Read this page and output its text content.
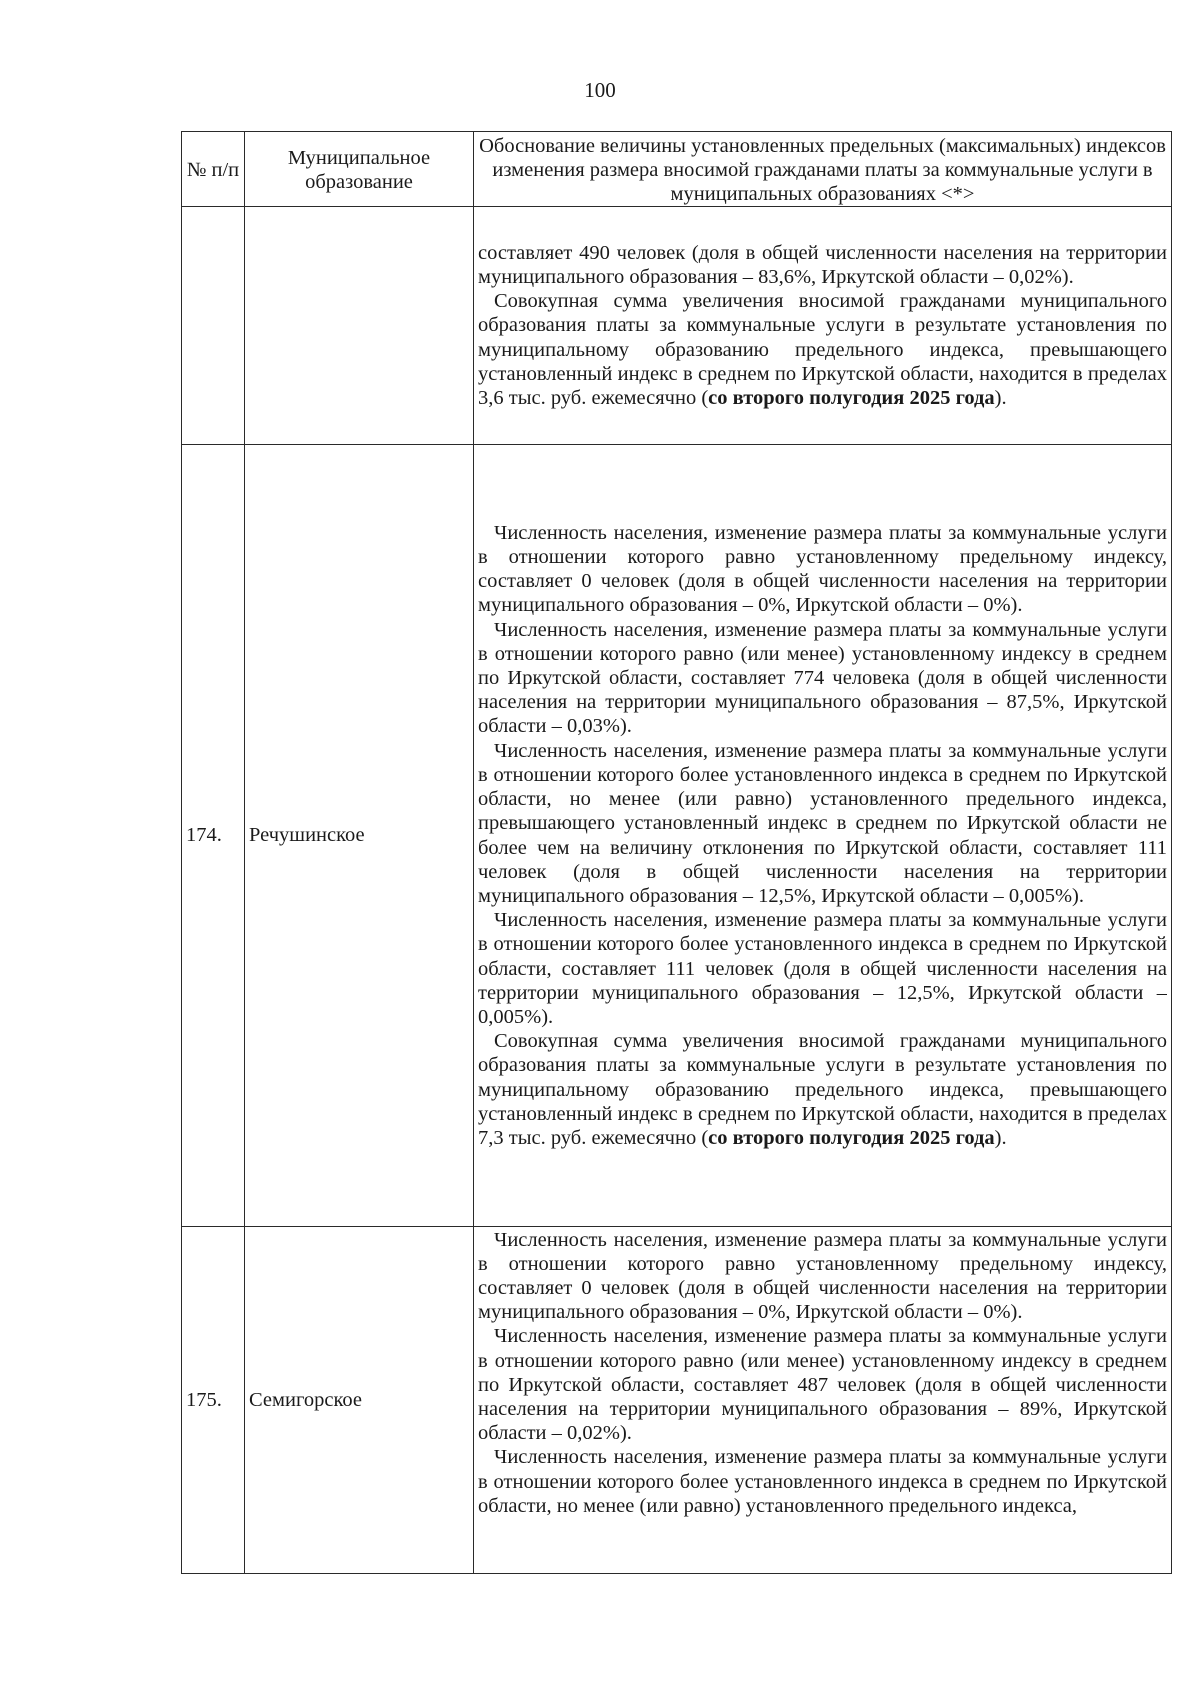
100
№ п/п	Муниципальное образование	Обоснование величины установленных предельных (максимальных) индексов изменения размера вносимой гражданами платы за коммунальные услуги в муниципальных образованиях <*>

		составляет 490 человек (доля в общей численности населения на территории муниципального образования – 83,6%, Иркутской области – 0,02%).

Совокупная сумма увеличения вносимой гражданами муниципального образования платы за коммунальные услуги в результате установления по муниципальному образованию предельного индекса, превышающего установленный индекс в среднем по Иркутской области, находится в пределах 3,6 тыс. руб. ежемесячно (со второго полугодия 2025 года).

174.	Речушинское	Численность населения, изменение размера платы за коммунальные услуги в отношении которого равно установленному предельному индексу, составляет 0 человек (доля в общей численности населения на территории муниципального образования – 0%, Иркутской области – 0%).

Численность населения, изменение размера платы за коммунальные услуги в отношении которого равно (или менее) установленному индексу в среднем по Иркутской области, составляет 774 человека (доля в общей численности населения на территории муниципального образования – 87,5%, Иркутской области – 0,03%).

Численность населения, изменение размера платы за коммунальные услуги в отношении которого более установленного индекса в среднем по Иркутской области, но менее (или равно) установленного предельного индекса, превышающего установленный индекс в среднем по Иркутской области не более чем на величину отклонения по Иркутской области, составляет 111 человек (доля в общей численности населения на территории муниципального образования – 12,5%, Иркутской области – 0,005%).

Численность населения, изменение размера платы за коммунальные услуги в отношении которого более установленного индекса в среднем по Иркутской области, составляет 111 человек (доля в общей численности населения на территории муниципального образования – 12,5%, Иркутской области – 0,005%).

Совокупная сумма увеличения вносимой гражданами муниципального образования платы за коммунальные услуги в результате установления по муниципальному образованию предельного индекса, превышающего установленный индекс в среднем по Иркутской области, находится в пределах 7,3 тыс. руб. ежемесячно (со второго полугодия 2025 года).

175.	Семигорское	Численность населения, изменение размера платы за коммунальные услуги в отношении которого равно установленному предельному индексу, составляет 0 человек (доля в общей численности населения на территории муниципального образования – 0%, Иркутской области – 0%).

Численность населения, изменение размера платы за коммунальные услуги в отношении которого равно (или менее) установленному индексу в среднем по Иркутской области, составляет 487 человек (доля в общей численности населения на территории муниципального образования – 89%, Иркутской области – 0,02%).

Численность населения, изменение размера платы за коммунальные услуги в отношении которого более установленного индекса в среднем по Иркутской области, но менее (или равно) установленного предельного индекса,
